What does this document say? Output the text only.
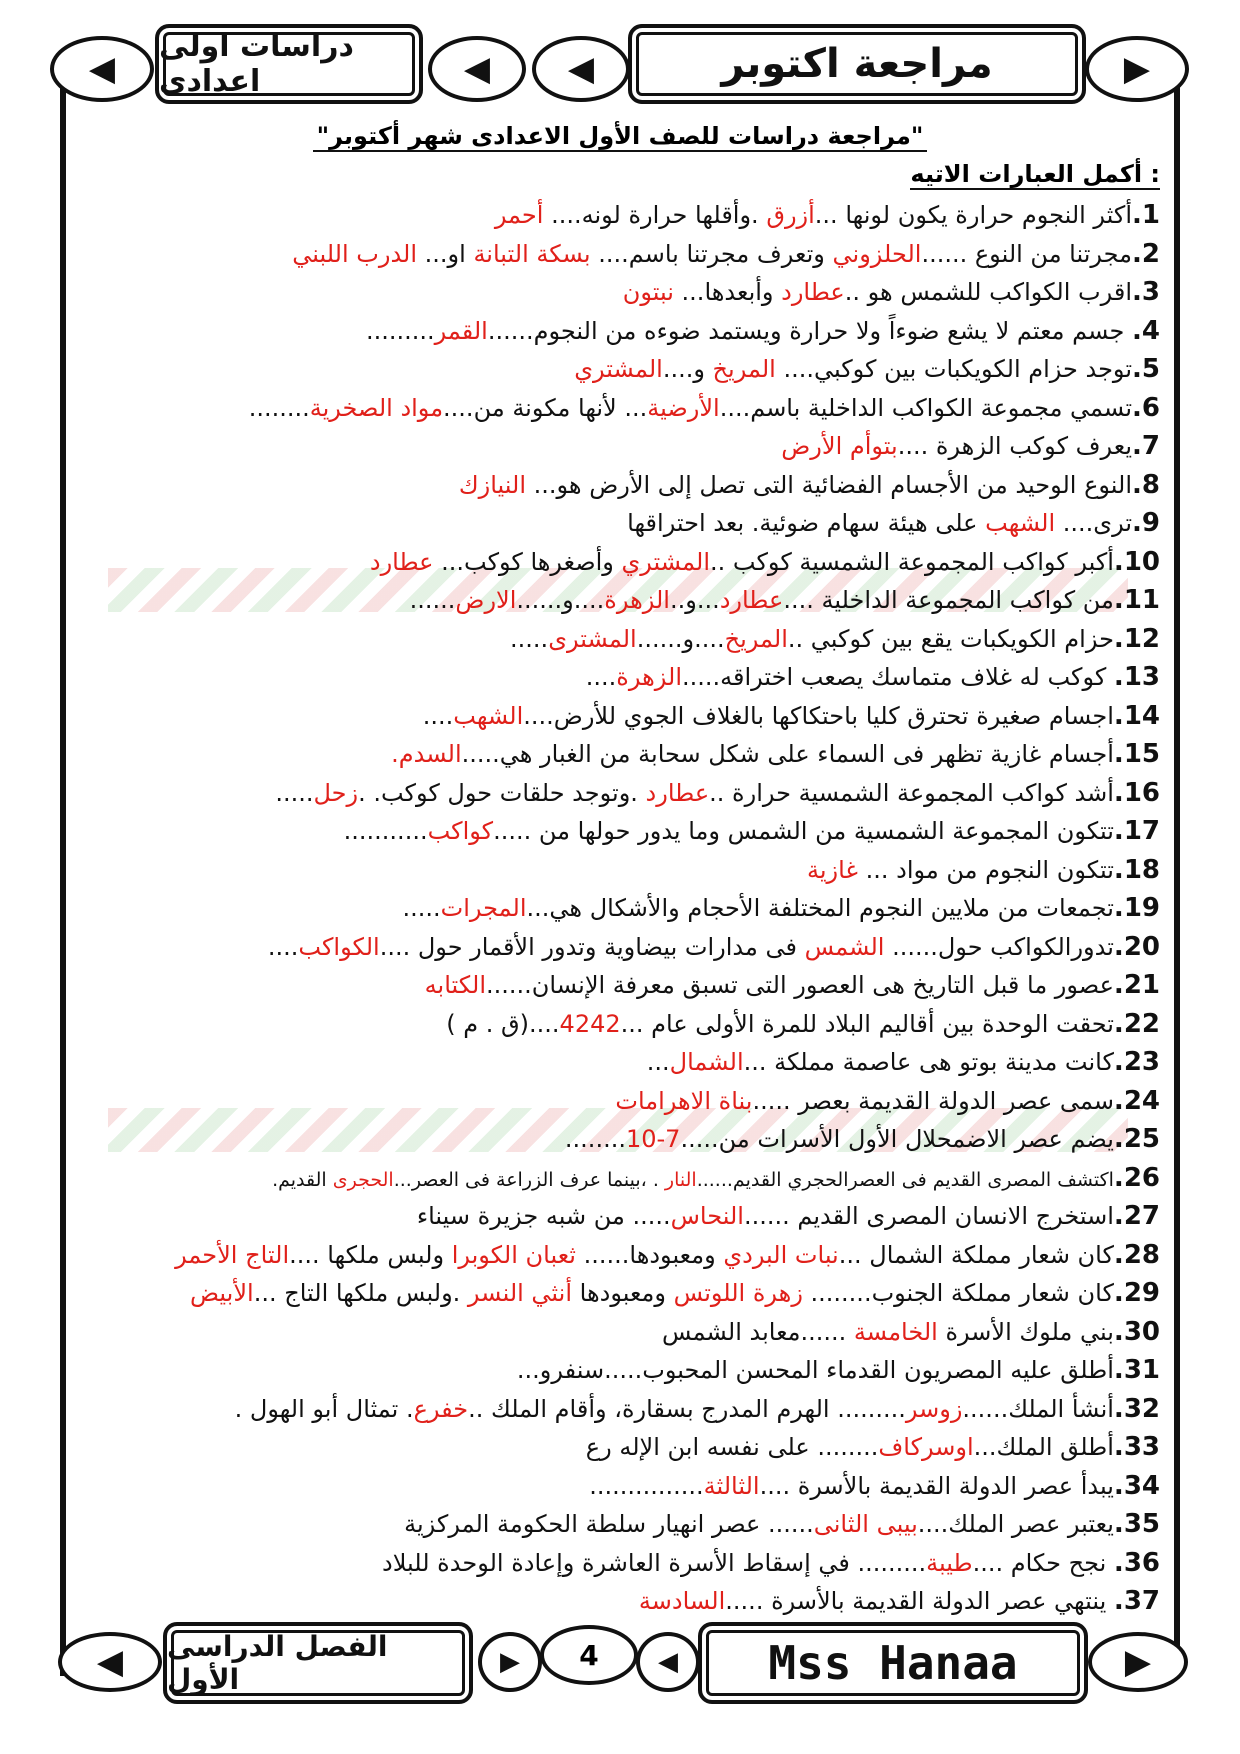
◀
دراسات اولى اعدادى	◀	◀	مراجعة اكتوبر	▶
"مراجعة دراسات للصف الأول الاعدادى شهر أكتوبر"
أكمل العبارات الاتيه :
1.أكثر النجوم حرارة يكون لونها ...أزرق .وأقلها حرارة لونه.... أحمر
2.مجرتنا من النوع ......الحلزوني وتعرف مجرتنا باسم.... بسكة التبانة او... الدرب اللبني
3.اقرب الكواكب للشمس هو ..عطارد وأبعدها... نبتون
4. جسم معتم لا يشع ضوءاً ولا حرارة ويستمد ضوءه من النجوم......القمر.........
5.توجد حزام الكويكبات بين كوكبي.... المريخ و....المشتري
6.تسمي مجموعة الكواكب الداخلية باسم....الأرضية... لأنها مكونة من....مواد الصخرية........
7.يعرف كوكب الزهرة ....بتوأم الأرض
8.النوع الوحيد من الأجسام الفضائية التى تصل إلى الأرض هو... النيازك
9.ترى.... الشهب على هيئة سهام ضوئية. بعد احتراقها
10.أكبر كواكب المجموعة الشمسية كوكب ..المشتري وأصغرها كوكب... عطارد
11.من كواكب المجموعة الداخلية ....عطارد...و..الزهرة....و......الارض......
12.حزام الكويكبات يقع بين كوكبي ..المريخ....و......المشترى.....
13. كوكب له غلاف متماسك يصعب اختراقه.....الزهرة....
14.اجسام صغيرة تحترق كليا باحتكاكها بالغلاف الجوي للأرض....الشهب....
15.أجسام غازية تظهر فى السماء على شكل سحابة من الغبار هي.....السدم.
16.أشد كواكب المجموعة الشمسية حرارة ..عطارد .وتوجد حلقات حول كوكب. .زحل.....
17.تتكون المجموعة الشمسية من الشمس وما يدور حولها من .....كواكب...........
18.تتكون النجوم من مواد ... غازية
19.تجمعات من ملايين النجوم المختلفة الأحجام والأشكال هي...المجرات.....
20.تدورالكواكب حول...... الشمس فى مدارات بيضاوية وتدور الأقمار حول ....الكواكب....
21.عصور ما قبل التاريخ هى العصور التى تسبق معرفة الإنسان......الكتابه
22.تحقت الوحدة بين أقاليم البلاد للمرة الأولى عام ...4242....(ق . م )
23.كانت مدينة بوتو هى عاصمة مملكة ...الشمال...
24.سمى عصر الدولة القديمة بعصر .....بناة الاهرامات
25.يضم عصر الاضمحلال الأول الأسرات من.....7-10........
26.اكتشف المصرى القديم فى العصرالحجري القديم......النار . ،بينما عرف الزراعة فى العصر...الحجرى القديم.
27.استخرج الانسان المصرى القديم ......النحاس..... من شبه جزيرة سيناء
28.كان شعار مملكة الشمال ...نبات البردي ومعبودها...... ثعبان الكوبرا ولبس ملكها ....التاج الأحمر
29.كان شعار مملكة الجنوب........ زهرة اللوتس ومعبودها أنثي النسر .ولبس ملكها التاج ...الأبيض
30.بني ملوك الأسرة الخامسة ......معابد الشمس
31.أطلق عليه المصريون القدماء المحسن المحبوب.....سنفرو...
32.أنشأ الملك......زوسر......... الهرم المدرج بسقارة، وأقام الملك ..خفرع. تمثال أبو الهول .
33.أطلق الملك...اوسركاف........ على نفسه ابن الإله رع
34.يبدأ عصر الدولة القديمة بالأسرة ....الثالثة...............
35.يعتبر عصر الملك....بيبى الثانى...... عصر انهيار سلطة الحكومة المركزية
36. نجح حكام ....طيبة......... في إسقاط الأسرة العاشرة وإعادة الوحدة للبلاد
37. ينتهي عصر الدولة القديمة بالأسرة .....السادسة
◀	الفصل الدراسى الأول
▶	4	◀	Mss Hanaa	▶
